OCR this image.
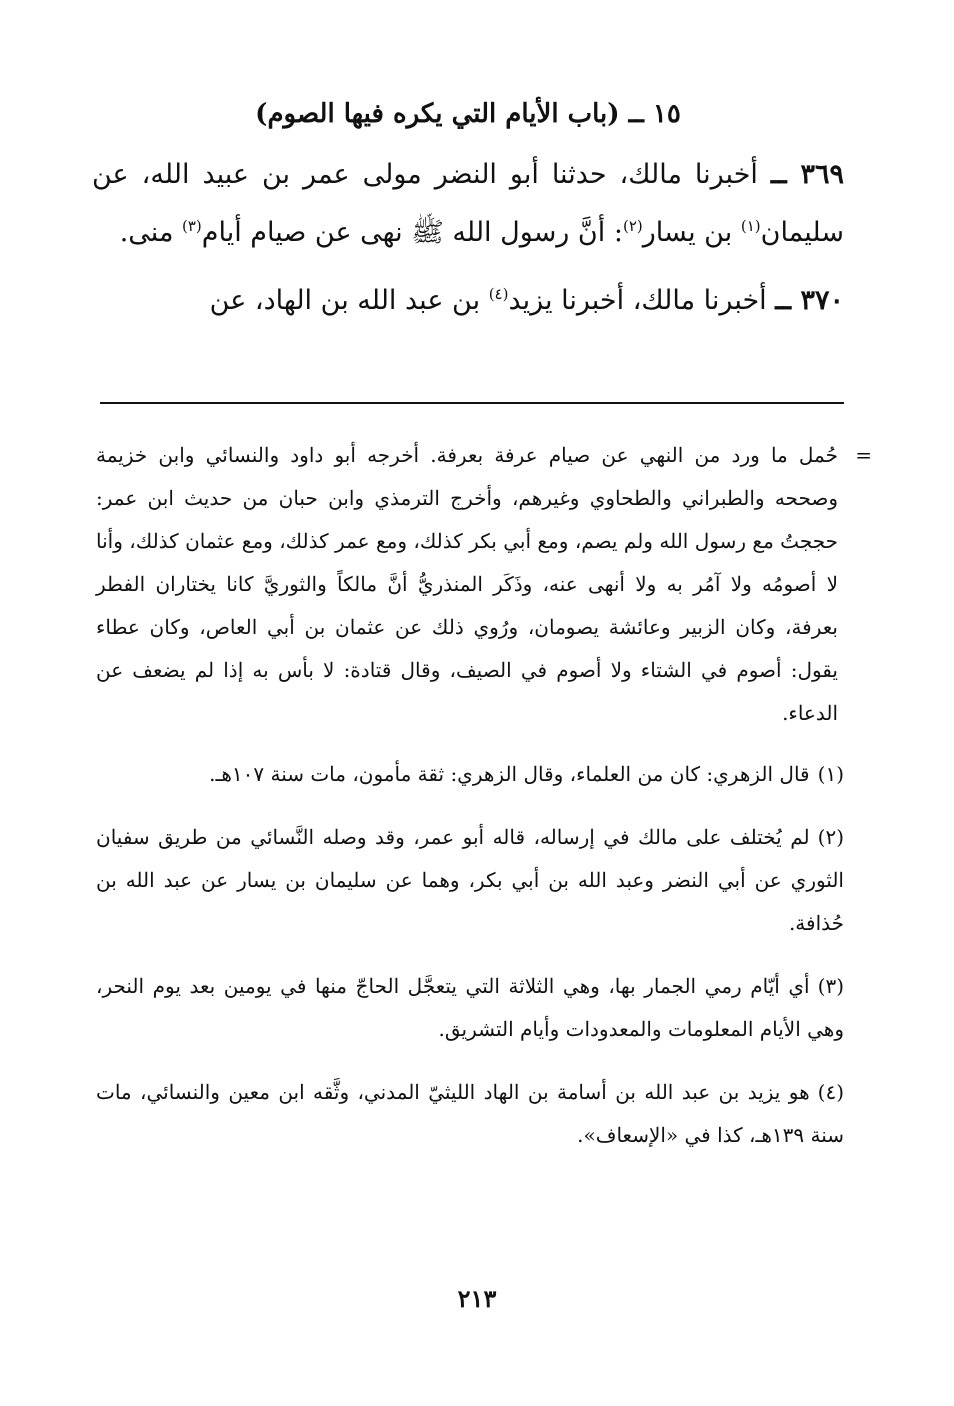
١٥ ــ (باب الأيام التي يكره فيها الصوم)

٣٦٩ ــ أخبرنا مالك، حدثنا أبو النضر مولى عمر بن عبيد الله، عن سليمان$^{(١)}$ بن يسار$^{(٢)}$: أنَّ رسول الله ﷺ نهى عن صيام أيام$^{(٣)}$ منى.

٣٧٠ ــ أخبرنا مالك، أخبرنا يزيد$^{(٤)}$ بن عبد الله بن الهاد، عن

=
حُمل ما ورد من النهي عن صيام عرفة بعرفة. أخرجه أبو داود والنسائي وابن خزيمة وصححه والطبراني والطحاوي وغيرهم، وأخرج الترمذي وابن حبان من حديث ابن عمر: حججتُ مع رسول الله ولم يصم، ومع أبي بكر كذلك، ومع عمر كذلك، ومع عثمان كذلك، وأنا لا أصومُه ولا آمُر به ولا أنهى عنه، وذَكَر المنذريُّ أنَّ مالكاً والثوريَّ كانا يختاران الفطر بعرفة، وكان الزبير وعائشة يصومان، ورُوي ذلك عن عثمان بن أبي العاص، وكان عطاء يقول: أصوم في الشتاء ولا أصوم في الصيف، وقال قتادة: لا بأس به إذا لم يضعف عن الدعاء.

(١)قال الزهري: كان من العلماء، وقال الزهري: ثقة مأمون، مات سنة ١٠٧هـ.

(٢)لم يُختلف على مالك في إرساله، قاله أبو عمر، وقد وصله النَّسائي من طريق سفيان الثوري عن أبي النضر وعبد الله بن أبي بكر، وهما عن سليمان بن يسار عن عبد الله بن حُذافة.

(٣)أي أيّام رمي الجمار بها، وهي الثلاثة التي يتعجَّل الحاجّ منها في يومين بعد يوم النحر، وهي الأيام المعلومات والمعدودات وأيام التشريق.

(٤)هو يزيد بن عبد الله بن أسامة بن الهاد الليثيّ المدني، وثَّقه ابن معين والنسائي، مات سنة ١٣٩هـ، كذا في «الإسعاف».

٢١٣
